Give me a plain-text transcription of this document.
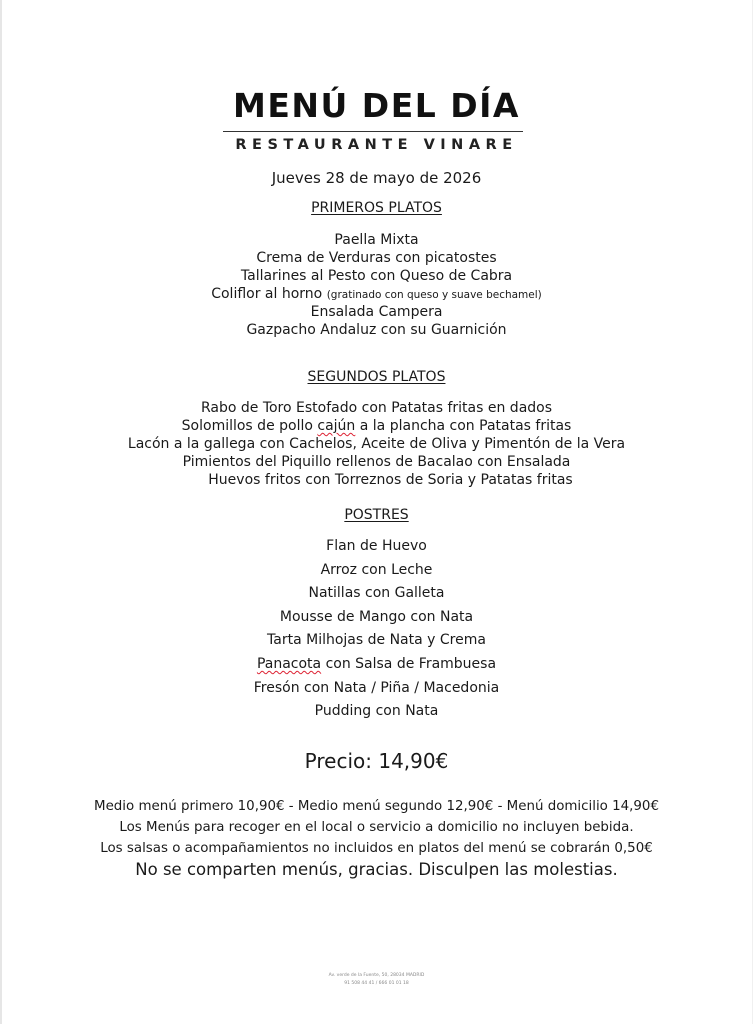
MENÚ DEL DÍA
RESTAURANTE VINARE
Jueves 28 de mayo de 2026
PRIMEROS PLATOS
Paella Mixta
Crema de Verduras con picatostes
Tallarines al Pesto con Queso de Cabra
Coliflor al horno (gratinado con queso y suave bechamel)
Ensalada Campera
Gazpacho Andaluz con su Guarnición
SEGUNDOS PLATOS
Rabo de Toro Estofado con Patatas fritas en dados
Solomillos de pollo cajún a la plancha con Patatas fritas
Lacón a la gallega con Cachelos, Aceite de Oliva y Pimentón de la Vera
Pimientos del Piquillo rellenos de Bacalao con Ensalada
Huevos fritos con Torreznos de Soria y Patatas fritas
POSTRES
Flan de Huevo
Arroz con Leche
Natillas con Galleta
Mousse de Mango con Nata
Tarta Milhojas de Nata y Crema
Panacota con Salsa de Frambuesa
Fresón con Nata / Piña / Macedonia
Pudding con Nata
Precio: 14,90€
Medio menú primero 10,90€ - Medio menú segundo 12,90€ - Menú domicilio 14,90€
Los Menús para recoger en el local o servicio a domicilio no incluyen bebida.
Los salsas o acompañamientos no incluidos en platos del menú se cobrarán 0,50€
No se comparten menús, gracias. Disculpen las molestias.
Av. verde de la Fuente, 50, 28034 MADRID
91 508 44 41 / 666 01 01 18
